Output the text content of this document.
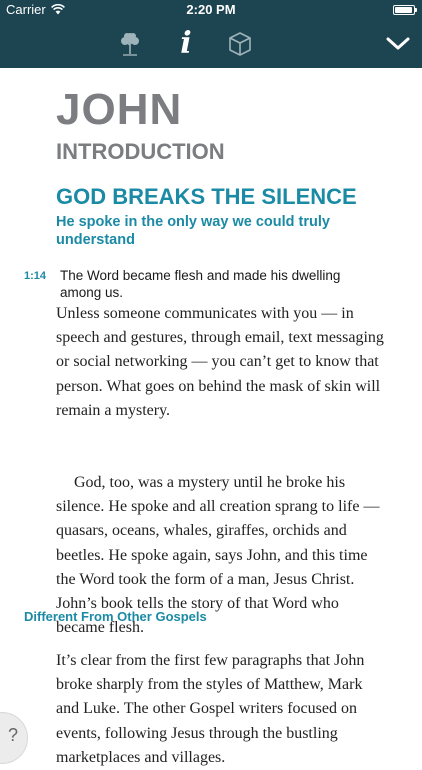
Carrier	2:20 PM
i
JOHN
INTRODUCTION
GOD BREAKS THE SILENCE
He spoke in the only way we could truly understand
1:14 The Word became flesh and made his dwelling among us.

Unless someone communicates with you — in speech and gestures, through email, text messaging or social networking — you can’t get to know that person. What goes on behind the mask of skin will remain a mystery.

God, too, was a mystery until he broke his silence. He spoke and all creation sprang to life — quasars, oceans, whales, giraffes, orchids and beetles. He spoke again, says John, and this time the Word took the form of a man, Jesus Christ. John’s book tells the story of that Word who became flesh.

Different From Other Gospels

It’s clear from the first few paragraphs that John broke sharply from the styles of Matthew, Mark and Luke. The other Gospel writers focused on events, following Jesus through the bustling marketplaces and villages.

?
